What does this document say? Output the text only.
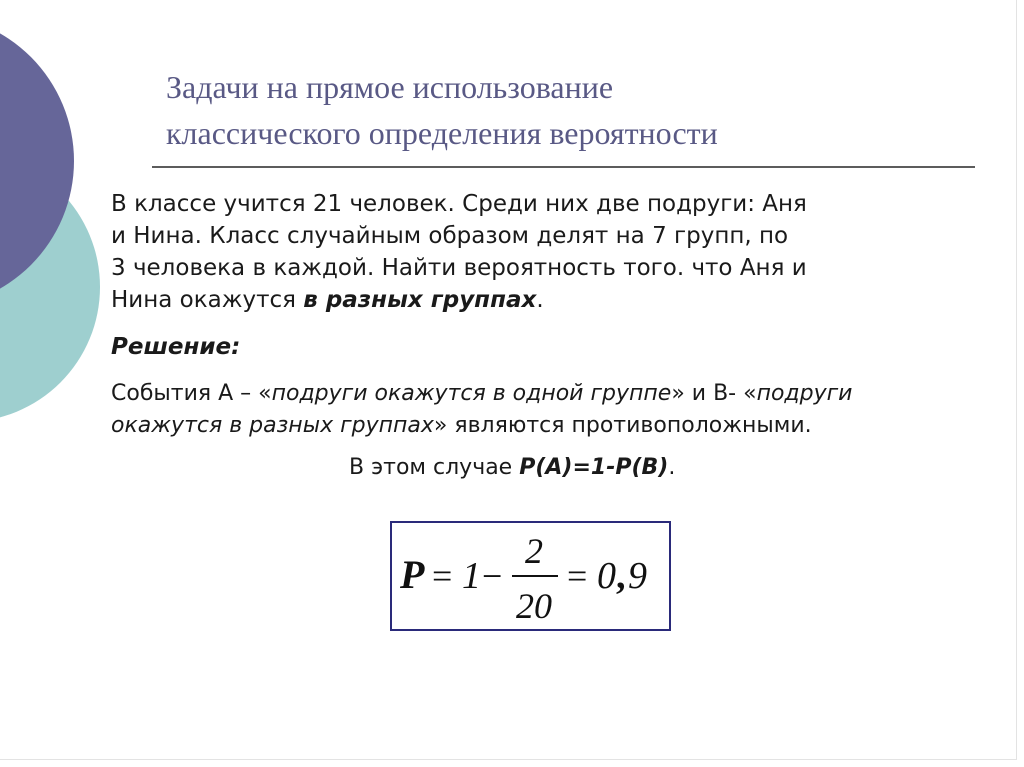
Задачи на прямое использование
классического определения вероятности
В классе учится 21 человек. Среди них две подруги: Аня
и Нина. Класс случайным образом делят на 7 групп, по
3 человека в каждой. Найти вероятность того. что Аня и
Нина окажутся в разных группах.
Решение:
События А – «подруги окажутся в одной группе» и В- «подруги
окажутся в разных группах» являются противоположными.
В этом случае P(A)=1-P(B).
P = 1 −
2
20
= 0 , 9
